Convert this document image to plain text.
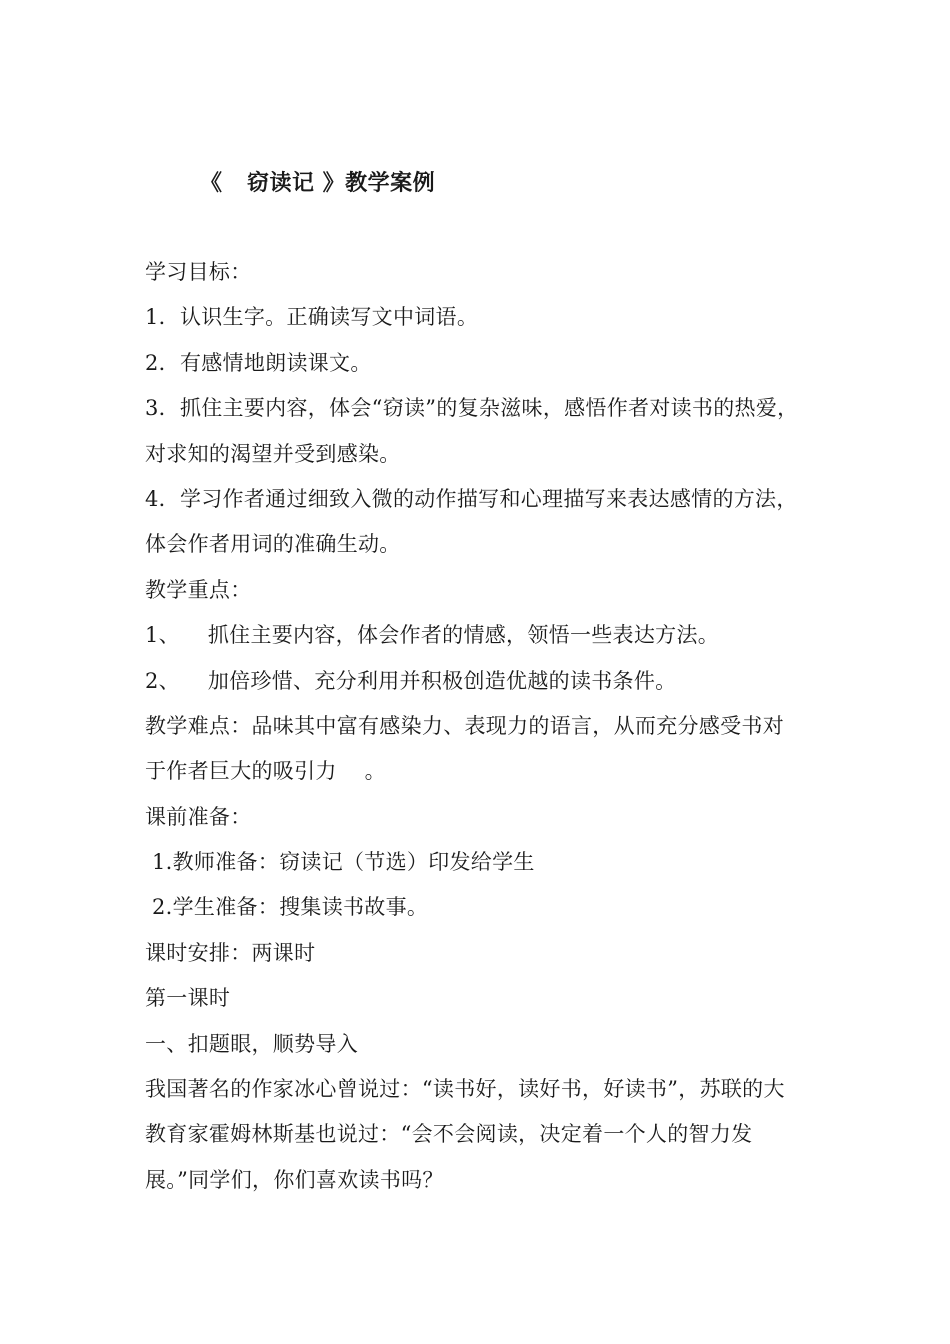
《   窃读记 》教学案例
学习目标：
1．认识生字。正确读写文中词语。
2．有感情地朗读课文。
3．抓住主要内容，体会“窃读”的复杂滋味，感悟作者对读书的热爱，
对求知的渴望并受到感染。
4．学习作者通过细致入微的动作描写和心理描写来表达感情的方法，
体会作者用词的准确生动。
教学重点：
1、    抓住主要内容，体会作者的情感，领悟一些表达方法。
2、    加倍珍惜、充分利用并积极创造优越的读书条件。
教学难点：品味其中富有感染力、表现力的语言，从而充分感受书对
于作者巨大的吸引力    。
课前准备：
1.教师准备：窃读记（节选）印发给学生
2.学生准备：搜集读书故事。
课时安排：两课时
第一课时
一、扣题眼，顺势导入
我国著名的作家冰心曾说过：“读书好，读好书，好读书”，苏联的大
教育家霍姆林斯基也说过：“会不会阅读，决定着一个人的智力发
展。”同学们，你们喜欢读书吗？
